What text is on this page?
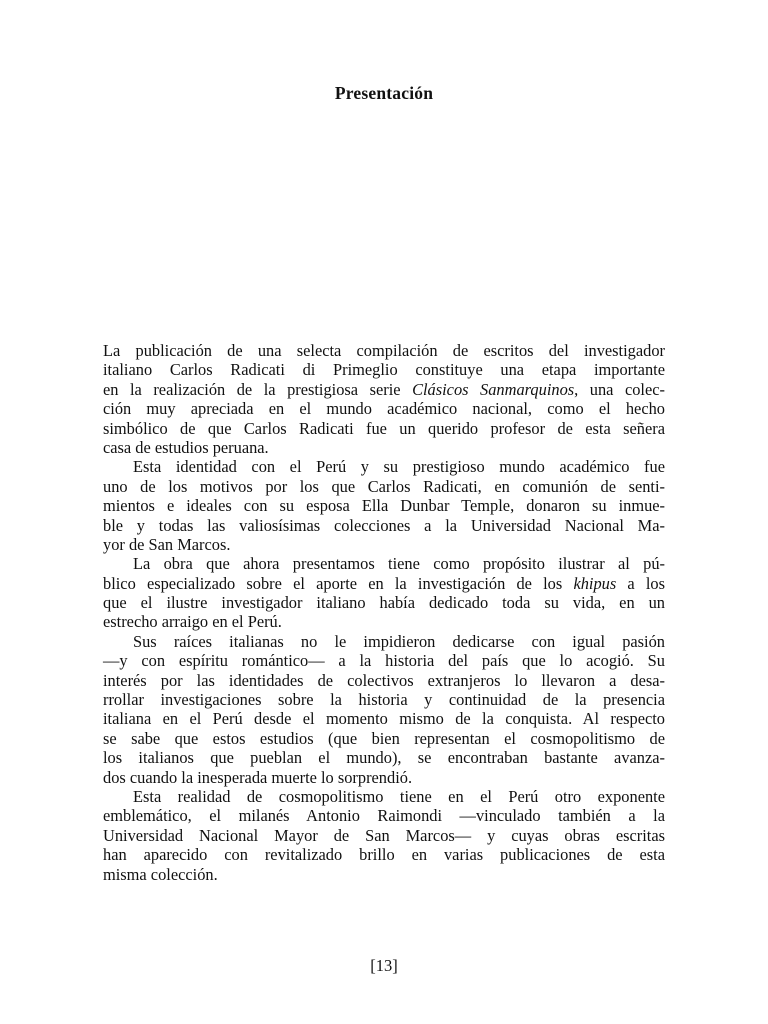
Presentación
La publicación de una selecta compilación de escritos del investigador
italiano Carlos Radicati di Primeglio constituye una etapa importante
en la realización de la prestigiosa serie Clásicos Sanmarquinos, una colec-
ción muy apreciada en el mundo académico nacional, como el hecho
simbólico de que Carlos Radicati fue un querido profesor de esta señera
casa de estudios peruana.
Esta identidad con el Perú y su prestigioso mundo académico fue
uno de los motivos por los que Carlos Radicati, en comunión de senti-
mientos e ideales con su esposa Ella Dunbar Temple, donaron su inmue-
ble y todas las valiosísimas colecciones a la Universidad Nacional Ma-
yor de San Marcos.
La obra que ahora presentamos tiene como propósito ilustrar al pú-
blico especializado sobre el aporte en la investigación de los khipus a los
que el ilustre investigador italiano había dedicado toda su vida, en un
estrecho arraigo en el Perú.
Sus raíces italianas no le impidieron dedicarse con igual pasión
—y con espíritu romántico— a la historia del país que lo acogió. Su
interés por las identidades de colectivos extranjeros lo llevaron a desa-
rrollar investigaciones sobre la historia y continuidad de la presencia
italiana en el Perú desde el momento mismo de la conquista. Al respecto
se sabe que estos estudios (que bien representan el cosmopolitismo de
los italianos que pueblan el mundo), se encontraban bastante avanza-
dos cuando la inesperada muerte lo sorprendió.
Esta realidad de cosmopolitismo tiene en el Perú otro exponente
emblemático, el milanés Antonio Raimondi —vinculado también a la
Universidad Nacional Mayor de San Marcos— y cuyas obras escritas
han aparecido con revitalizado brillo en varias publicaciones de esta
misma colección.
[13]
